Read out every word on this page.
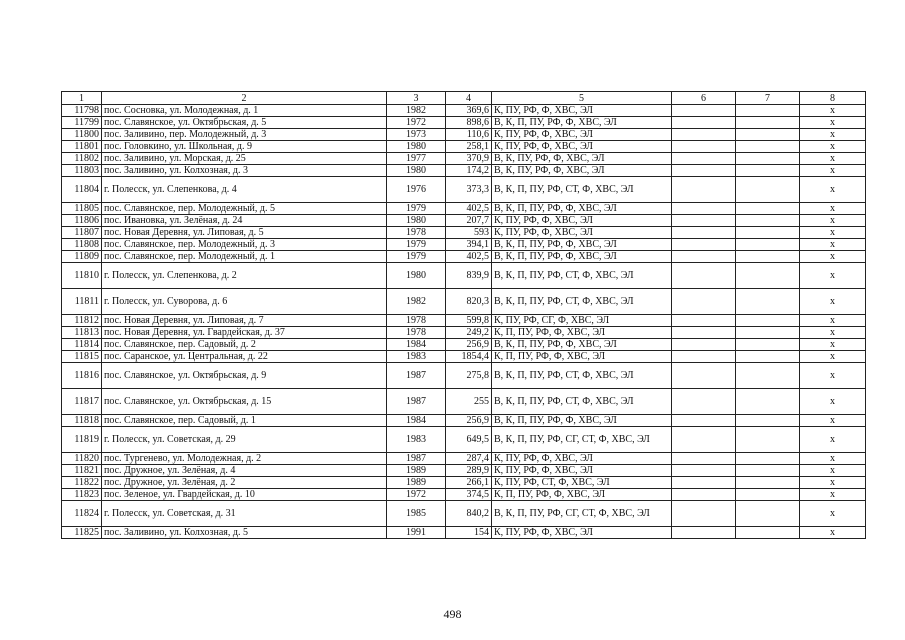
1	2	3	4	5	6	7	8
11798	пос. Сосновка, ул. Молодежная, д. 1	1982	369,6	К, ПУ, РФ, Ф, ХВС, ЭЛ			х
11799	пос. Славянское, ул. Октябрьская, д. 5	1972	898,6	В, К, П, ПУ, РФ, Ф, ХВС, ЭЛ			х
11800	пос. Заливино, пер. Молодежный, д. 3	1973	110,6	К, ПУ, РФ, Ф, ХВС, ЭЛ			х
11801	пос. Головкино, ул. Школьная, д. 9	1980	258,1	К, ПУ, РФ, Ф, ХВС, ЭЛ			х
11802	пос. Заливино, ул. Морская, д. 25	1977	370,9	В, К, ПУ, РФ, Ф, ХВС, ЭЛ			х
11803	пос. Заливино, ул. Колхозная, д. 3	1980	174,2	В, К, ПУ, РФ, Ф, ХВС, ЭЛ			х
11804	г. Полесск, ул. Слепенкова, д. 4	1976	373,3	В, К, П, ПУ, РФ, СТ, Ф, ХВС, ЭЛ			х
11805	пос. Славянское, пер. Молодежный, д. 5	1979	402,5	В, К, П, ПУ, РФ, Ф, ХВС, ЭЛ			х
11806	пос. Ивановка, ул. Зелёная, д. 24	1980	207,7	К, ПУ, РФ, Ф, ХВС, ЭЛ			х
11807	пос. Новая Деревня, ул. Липовая, д. 5	1978	593	К, ПУ, РФ, Ф, ХВС, ЭЛ			х
11808	пос. Славянское, пер. Молодежный, д. 3	1979	394,1	В, К, П, ПУ, РФ, Ф, ХВС, ЭЛ			х
11809	пос. Славянское, пер. Молодежный, д. 1	1979	402,5	В, К, П, ПУ, РФ, Ф, ХВС, ЭЛ			х
11810	г. Полесск, ул. Слепенкова, д. 2	1980	839,9	В, К, П, ПУ, РФ, СТ, Ф, ХВС, ЭЛ			х
11811	г. Полесск, ул. Суворова, д. 6	1982	820,3	В, К, П, ПУ, РФ, СТ, Ф, ХВС, ЭЛ			х
11812	пос. Новая Деревня, ул. Липовая, д. 7	1978	599,8	К, ПУ, РФ, СГ, Ф, ХВС, ЭЛ			х
11813	пос. Новая Деревня, ул. Гвардейская, д. 37	1978	249,2	К, П, ПУ, РФ, Ф, ХВС, ЭЛ			х
11814	пос. Славянское, пер. Садовый, д. 2	1984	256,9	В, К, П, ПУ, РФ, Ф, ХВС, ЭЛ			х
11815	пос. Саранское, ул. Центральная, д. 22	1983	1854,4	К, П, ПУ, РФ, Ф, ХВС, ЭЛ			х
11816	пос. Славянское, ул. Октябрьская, д. 9	1987	275,8	В, К, П, ПУ, РФ, СТ, Ф, ХВС, ЭЛ			х
11817	пос. Славянское, ул. Октябрьская, д. 15	1987	255	В, К, П, ПУ, РФ, СТ, Ф, ХВС, ЭЛ			х
11818	пос. Славянское, пер. Садовый, д. 1	1984	256,9	В, К, П, ПУ, РФ, Ф, ХВС, ЭЛ			х
11819	г. Полесск, ул. Советская, д. 29	1983	649,5	В, К, П, ПУ, РФ, СГ, СТ, Ф, ХВС, ЭЛ			х
11820	пос. Тургенево, ул. Молодежная, д. 2	1987	287,4	К, ПУ, РФ, Ф, ХВС, ЭЛ			х
11821	пос. Дружное, ул. Зелёная, д. 4	1989	289,9	К, ПУ, РФ, Ф, ХВС, ЭЛ			х
11822	пос. Дружное, ул. Зелёная, д. 2	1989	266,1	К, ПУ, РФ, СТ, Ф, ХВС, ЭЛ			х
11823	пос. Зеленое, ул. Гвардейская, д. 10	1972	374,5	К, П, ПУ, РФ, Ф, ХВС, ЭЛ			х
11824	г. Полесск, ул. Советская, д. 31	1985	840,2	В, К, П, ПУ, РФ, СГ, СТ, Ф, ХВС, ЭЛ			х
11825	пос. Заливино, ул. Колхозная, д. 5	1991	154	К, ПУ, РФ, Ф, ХВС, ЭЛ			х
498
